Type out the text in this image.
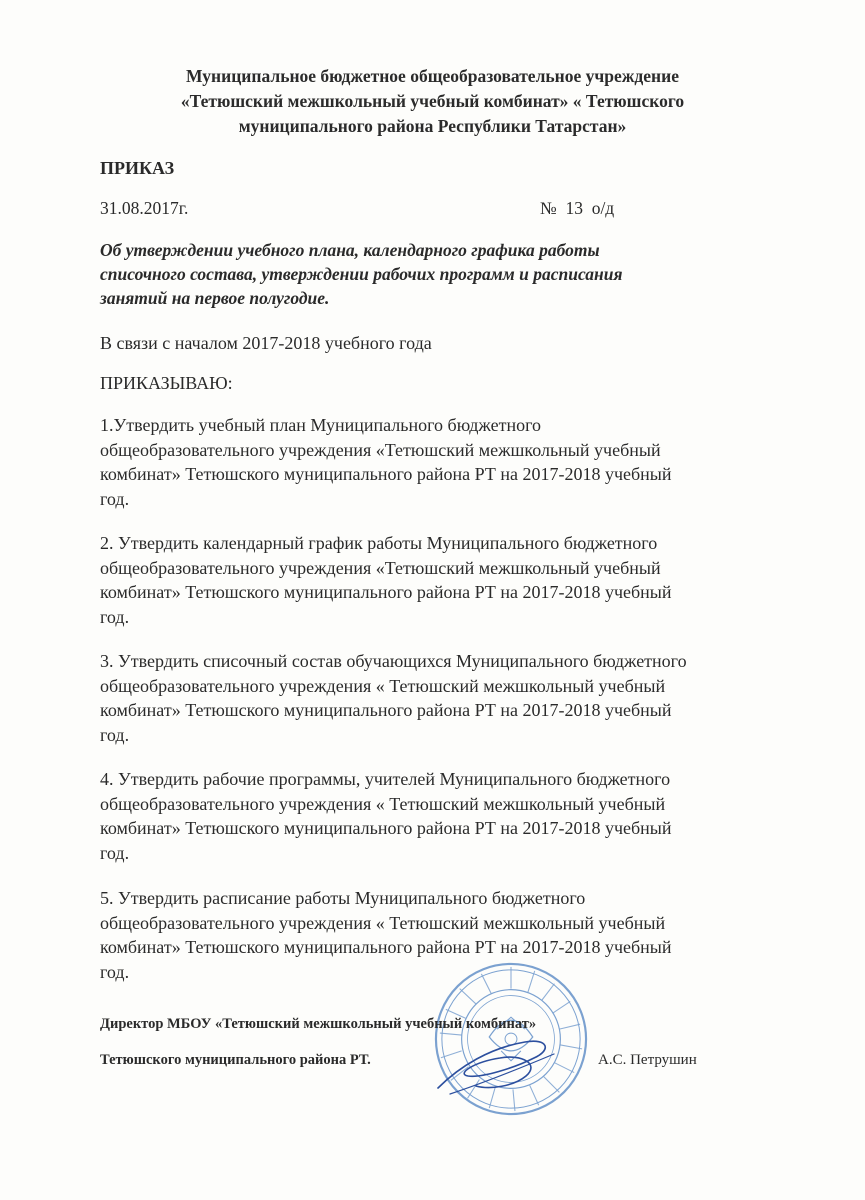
Муниципальное бюджетное общеобразовательное учреждение
«Тетюшский межшкольный учебный комбинат» « Тетюшского
муниципального района Республики Татарстан»
ПРИКАЗ
31.08.2017г.	№  13  о/д
Об утверждении учебного плана, календарного графика работы
списочного состава, утверждении рабочих программ и расписания
занятий на первое полугодие.
В связи с началом 2017-2018 учебного года
ПРИКАЗЫВАЮ:
1.Утвердить учебный план Муниципального бюджетного
общеобразовательного учреждения «Тетюшский межшкольный учебный
комбинат» Тетюшского муниципального района РТ на 2017-2018 учебный
год.
2. Утвердить календарный график работы Муниципального бюджетного
общеобразовательного учреждения «Тетюшский межшкольный учебный
комбинат» Тетюшского муниципального района РТ на 2017-2018 учебный
год.
3. Утвердить списочный состав обучающихся Муниципального бюджетного
общеобразовательного учреждения « Тетюшский межшкольный учебный
комбинат» Тетюшского муниципального района РТ на 2017-2018 учебный
год.
4. Утвердить рабочие программы, учителей Муниципального бюджетного
общеобразовательного учреждения « Тетюшский межшкольный учебный
комбинат» Тетюшского муниципального района РТ на 2017-2018 учебный
год.
5. Утвердить расписание работы Муниципального бюджетного
общеобразовательного учреждения « Тетюшский межшкольный учебный
комбинат» Тетюшского муниципального района РТ на 2017-2018 учебный
год.
Директор МБОУ «Тетюшский межшкольный учебный комбинат»
Тетюшского муниципального района РТ.	А.С. Петрушин
